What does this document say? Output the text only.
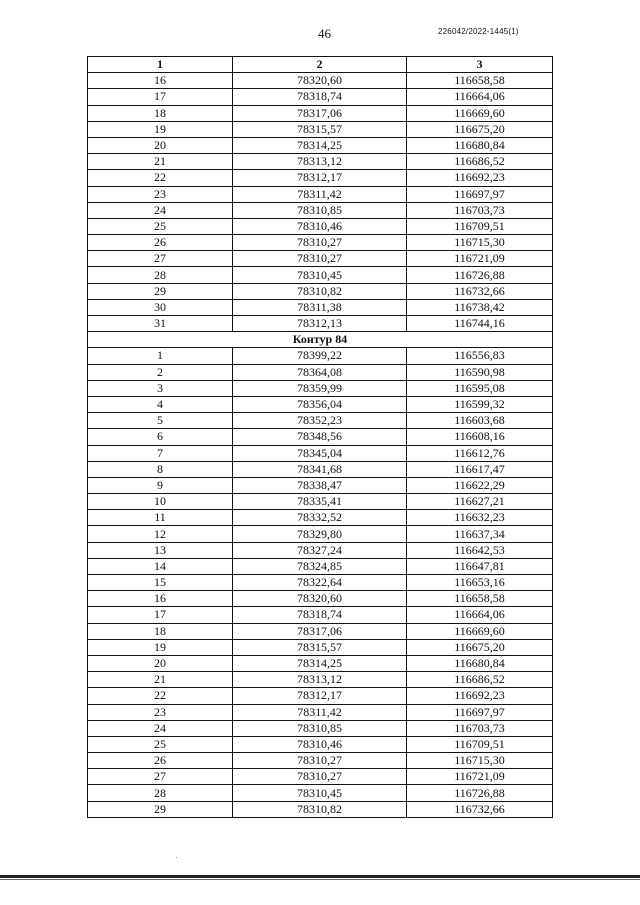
46	226042/2022-1445(1)
1	2	3
16	78320,60	116658,58
17	78318,74	116664,06
18	78317,06	116669,60
19	78315,57	116675,20
20	78314,25	116680,84
21	78313,12	116686,52
22	78312,17	116692,23
23	78311,42	116697,97
24	78310,85	116703,73
25	78310,46	116709,51
26	78310,27	116715,30
27	78310,27	116721,09
28	78310,45	116726,88
29	78310,82	116732,66
30	78311,38	116738,42
31	78312,13	116744,16
Контур 84		
1	78399,22	116556,83
2	78364,08	116590,98
3	78359,99	116595,08
4	78356,04	116599,32
5	78352,23	116603,68
6	78348,56	116608,16
7	78345,04	116612,76
8	78341,68	116617,47
9	78338,47	116622,29
10	78335,41	116627,21
11	78332,52	116632,23
12	78329,80	116637,34
13	78327,24	116642,53
14	78324,85	116647,81
15	78322,64	116653,16
16	78320,60	116658,58
17	78318,74	116664,06
18	78317,06	116669,60
19	78315,57	116675,20
20	78314,25	116680,84
21	78313,12	116686,52
22	78312,17	116692,23
23	78311,42	116697,97
24	78310,85	116703,73
25	78310,46	116709,51
26	78310,27	116715,30
27	78310,27	116721,09
28	78310,45	116726,88
29	78310,82	116732,66
